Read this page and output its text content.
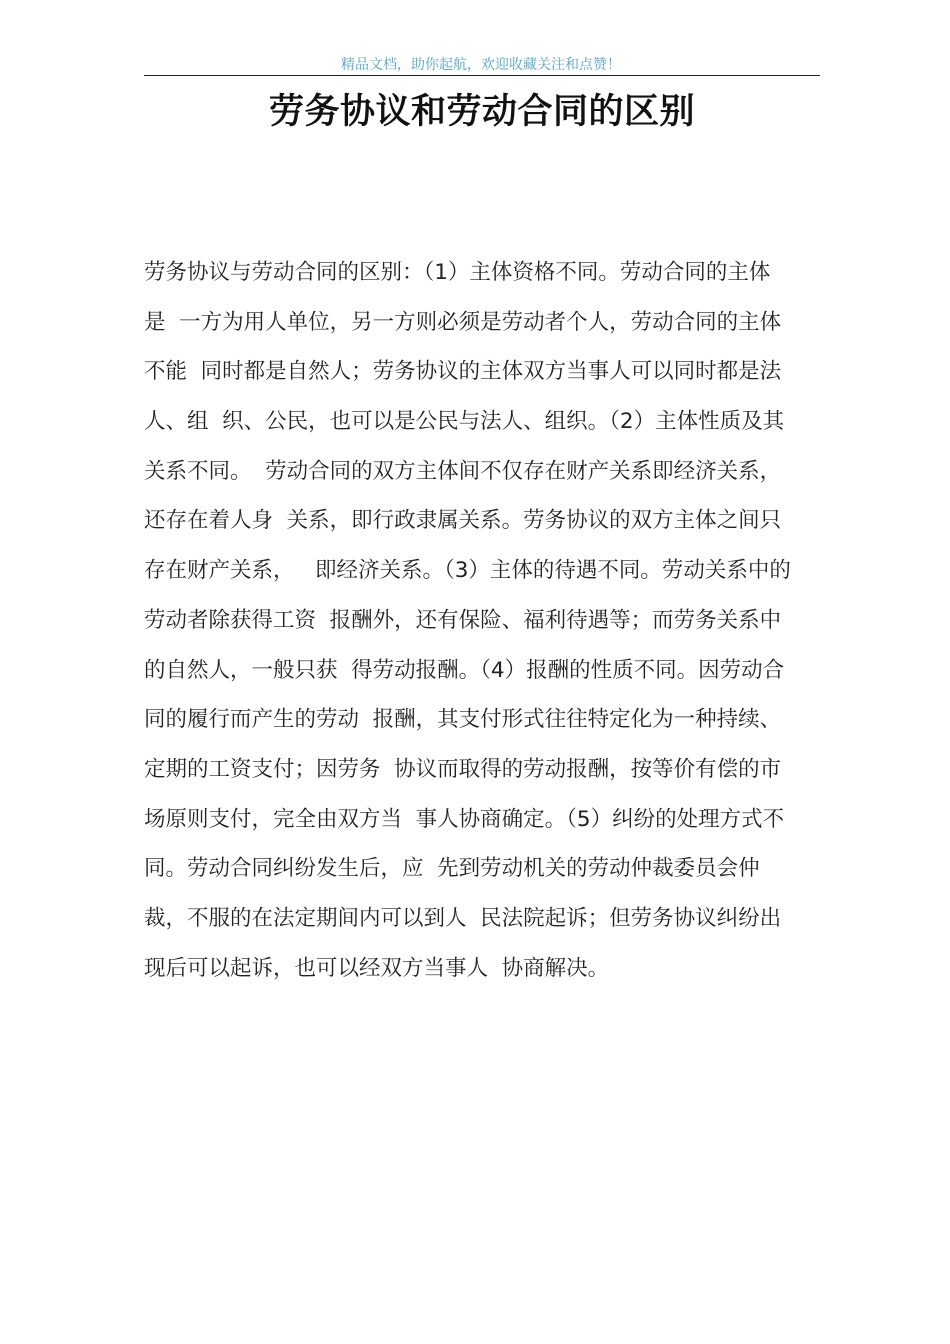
精品文档，助你起航，欢迎收藏关注和点赞！
劳务协议和劳动合同的区别
劳务协议与劳动合同的区别：（1）主体资格不同。劳动合同的主体
是  一方为用人单位，另一方则必须是劳动者个人，劳动合同的主体
不能  同时都是自然人；劳务协议的主体双方当事人可以同时都是法
人、组  织、公民，也可以是公民与法人、组织。（2）主体性质及其
关系不同。  劳动合同的双方主体间不仅存在财产关系即经济关系，
还存在着人身  关系，即行政隶属关系。劳务协议的双方主体之间只
存在财产关系，   即经济关系。（3）主体的待遇不同。劳动关系中的
劳动者除获得工资  报酬外，还有保险、福利待遇等；而劳务关系中
的自然人，一般只获  得劳动报酬。（4）报酬的性质不同。因劳动合
同的履行而产生的劳动  报酬，其支付形式往往特定化为一种持续、
定期的工资支付；因劳务  协议而取得的劳动报酬，按等价有偿的市
场原则支付，完全由双方当  事人协商确定。（5）纠纷的处理方式不
同。劳动合同纠纷发生后，应  先到劳动机关的劳动仲裁委员会仲
裁，不服的在法定期间内可以到人  民法院起诉；但劳务协议纠纷出
现后可以起诉，也可以经双方当事人  协商解决。
